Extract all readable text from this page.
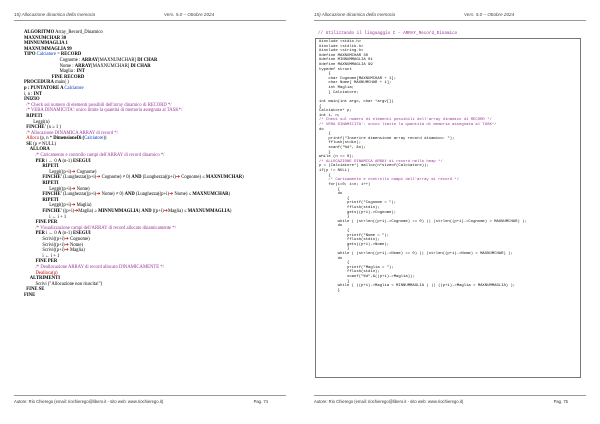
15) Allocazione dinamica della memoria	Vers. 5.0 – Ottobre 2024
ALGORITMO Array_Record_Dinamico
MAXNUMCHAR 30
MINNUMMAGLIA 1
MAXNUMMAGLIA 99
TIPO Calciatore = RECORD
Cognome : ARRAY[MAXNUMCHAR] DI CHAR
Nome : ARRAY[MAXNUMCHAR] DI CHAR
Maglia : INT
FINE RECORD
PROCEDURA main( )
p : PUNTATORE A Calciatore
i, n : INT
INIZIO
/* Check sul numero di elementi possibili dell'array dinamico di RECORD */
/* VERA DINAMICITA': unico limite la quantità di memoria assegnata al TASK*/
RIPETI
Leggi(n)
FINCHE' (n ≥ 1 )
/* Allocazione DINAMICA ARRAY di record */
Alloca (p, n * DimensioneDi (Calciatore))
SE (p ≠ NULL)
ALLORA
/* Caricamento e controllo campi dell'ARRAY di record dinamico */
PER i ← 0 A (n-1) ESEGUI
RIPETI
Leggi((p+i)➔ Cognome)
FINCHE' (Lunghezza((p+i)➔ Cognome) ≠ 0) AND (Lunghezza((p+i)➔ Cognome) ≤ MAXNUMCHAR)
RIPETI
Leggi((p+i)➔ Nome)
FINCHE' (Lunghezza((p+i)➔ Nome) ≠ 0) AND (Lunghezza((p+i)➔ Nome) ≤ MAXNUMCHAR)
RIPETI
Leggi((p+i)➔ Maglia)
FINCHE' ((p+i)➔Maglia) ≥ MINNUMMAGLIA) AND ((p+i)➔Maglia) ≤ MAXNUMMAGLIA)
i ← i + 1
FINE PER
/* Visualizzazione campi dell'ARRAY di record allocato dinamicamente */
PER i ← 0 A (n-1) ESEGUI
Scrivi((p+i)➔ Cognome)
Scrivi((p+i)➔ Nome)
Scrivi((p+i)➔ Maglia)
i ← i + 1
FINE PER
/* Deallocazione ARRAY di record allocato DINAMICAMENTE */
Dealloca(p)
ALTRIMENTI
Scrivi ("Allocazione non riuscita!")
FINE SE
FINE
Autore: Rio Chierego (email: riochierego@libero.it - sito web: www.riochierego.it)	Pag. 74
15) Allocazione dinamica della memoria	Vers. 5.0 – Ottobre 2024
// Utilizzando il linguaggio C - ARRAY_Record_Dinamico
#include <stdio.h>
#include <stdlib.h>
#include <string.h>
#define MAXNUMCHAR 30
#define MINNUMMAGLIA 01
#define MAXNUMMAGLIA 99
typedef struct
{
char Cognome[MAXNUMCHAR + 1];
char Nome[ MAXNUMCHAR + 1];
int Maglia;
} Calciatore;
int main(int argc, char *argv[])
{
Calciatore* p;
int i, n;
/* Check sul numero di elementi possibili dell'array dinamico di RECORD */
/* VERA DINAMICITA': unico limite la quantità di memoria assegnata al TASK*/
do
{
printf("Inserire dimensione array record dinamico: ");
fflush(stdin);
scanf("%d", &n);
}
while (n <= 0);
/* ALLOCAZIONE DINAMICA ARRAY di record nello heap */
p = (Calciatore*) malloc(n*sizeof(Calciatore));
if(p != NULL)
{
/* Caricamento e controllo campi dell'array di record */
for(i=0; i<n; i++)
{
do
{
printf("Cognome = ");
fflush(stdin);
gets((p+i)->Cognome);
}
while ( (strlen((p+i)->Cognome) == 0) || (strlen((p+i)->Cognome) > MAXNUMCHAR) );
do
{
printf("Nome = ");
fflush(stdin);
gets((p+i)->Nome);
}
while ( (strlen((p+i)->Nome) == 0) || (strlen((p+i)->Nome) > MAXNUMCHAR) );
do
{
printf("Maglia = ");
fflush(stdin);
scanf("%d",&((p+i)->Maglia));
}
while ( ((p+i)->Maglia < MINNUMMAGLIA ) || ((p+i)->Maglia > MAXNUMMAGLIA) );
}
Autore: Rio Chierego (email: riochierego@libero.it - sito web: www.riochierego.it)	Pag. 75
